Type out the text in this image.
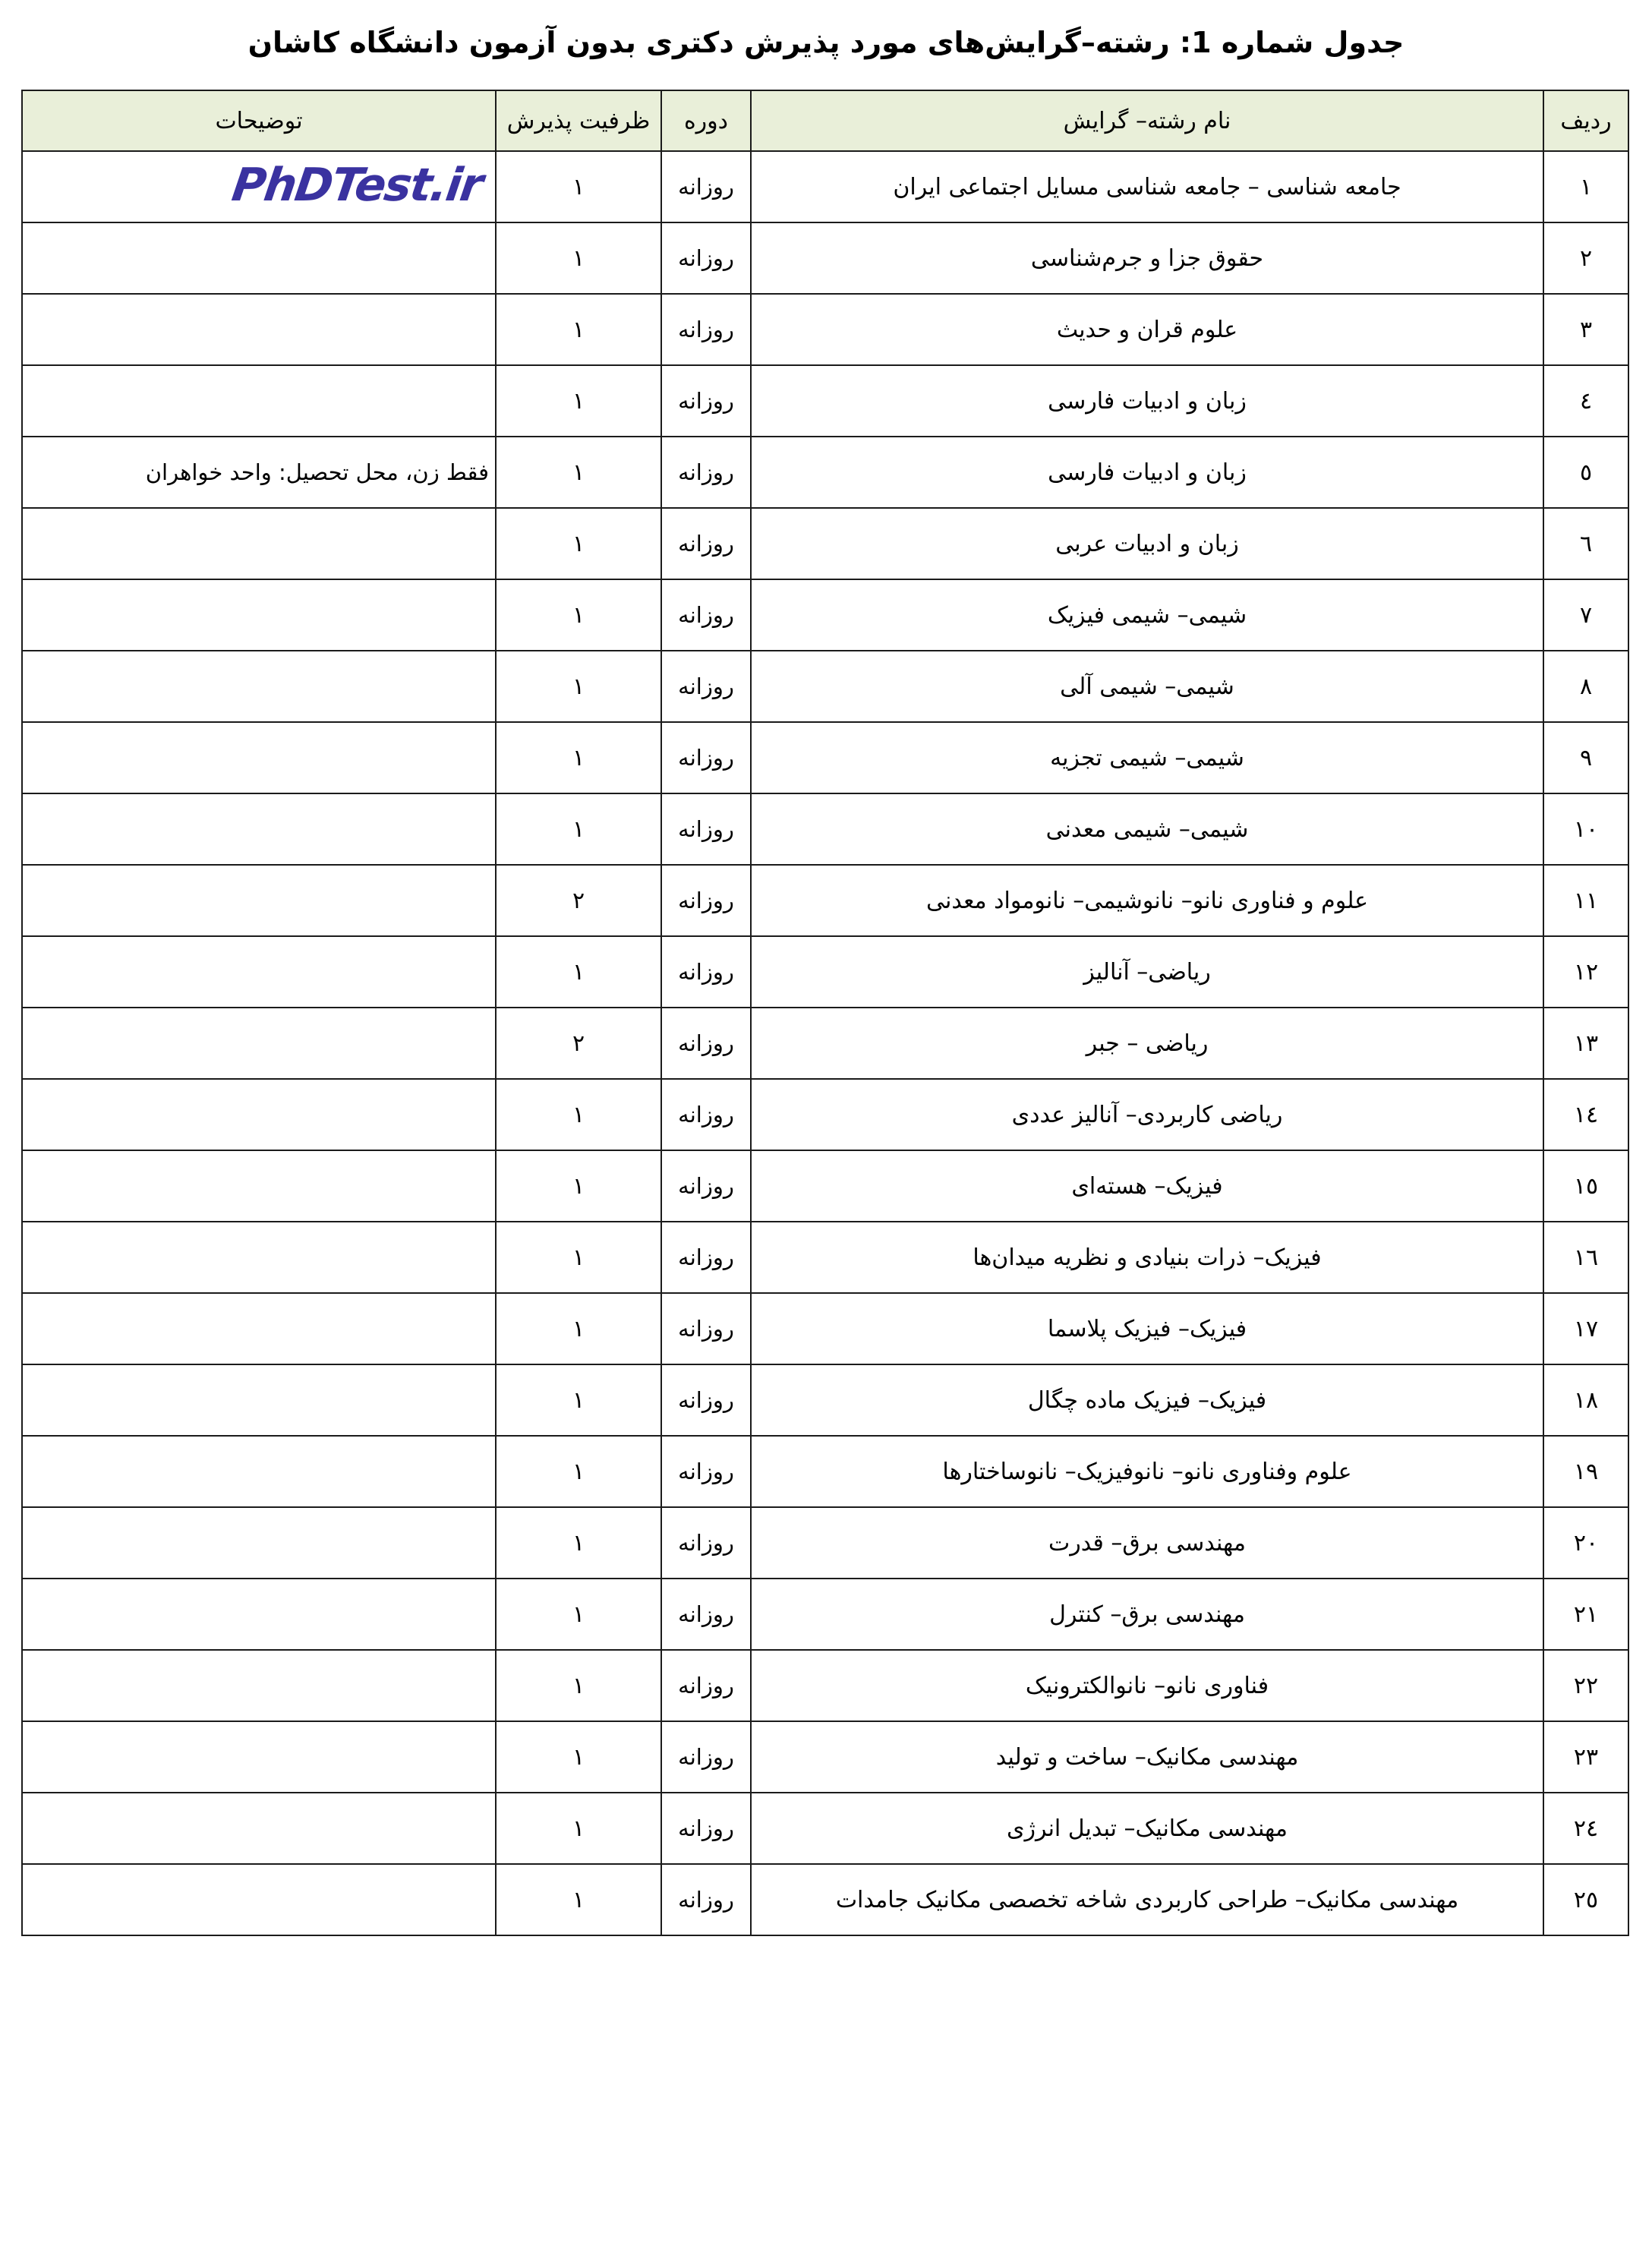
جدول شماره 1: رشته–گرایش‌های مورد پذیرش دکتری بدون آزمون دانشگاه کاشان
ردیف	نام رشته– گرایش	دوره	ظرفیت پذیرش	توضیحات
۱	جامعه شناسی – جامعه شناسی مسایل اجتماعی ایران	روزانه	۱	PhDTest.ir

۲	حقوق جزا و جرم‌شناسی	روزانه	۱	
۳	علوم قران و حدیث	روزانه	۱	
٤	زبان و ادبیات فارسی	روزانه	۱	
٥	زبان و ادبیات فارسی	روزانه	۱	فقط زن، محل تحصیل: واحد خواهران
٦	زبان و ادبیات عربی	روزانه	۱	
۷	شیمی– شیمی فیزیک	روزانه	۱	
۸	شیمی– شیمی آلی	روزانه	۱	
۹	شیمی– شیمی تجزیه	روزانه	۱	
۱۰	شیمی– شیمی معدنی	روزانه	۱	
۱۱	علوم و فناوری نانو– نانوشیمی– نانومواد معدنی	روزانه	۲	
۱۲	ریاضی– آنالیز	روزانه	۱	
۱۳	ریاضی – جبر	روزانه	۲	
۱٤	ریاضی کاربردی– آنالیز عددی	روزانه	۱	
۱٥	فیزیک– هسته‌ای	روزانه	۱	
۱٦	فیزیک– ذرات بنیادی و نظریه میدان‌ها	روزانه	۱	
۱۷	فیزیک– فیزیک پلاسما	روزانه	۱	
۱۸	فیزیک– فیزیک ماده چگال	روزانه	۱	
۱۹	علوم وفناوری نانو– نانوفیزیک– نانوساختارها	روزانه	۱	
۲۰	مهندسی برق– قدرت	روزانه	۱	
۲۱	مهندسی برق– کنترل	روزانه	۱	
۲۲	فناوری نانو– نانوالکترونیک	روزانه	۱	
۲۳	مهندسی مکانیک– ساخت و تولید	روزانه	۱	
۲٤	مهندسی مکانیک– تبدیل انرژی	روزانه	۱	
۲٥	مهندسی مکانیک– طراحی کاربردی شاخه تخصصی مکانیک جامدات	روزانه	۱	
